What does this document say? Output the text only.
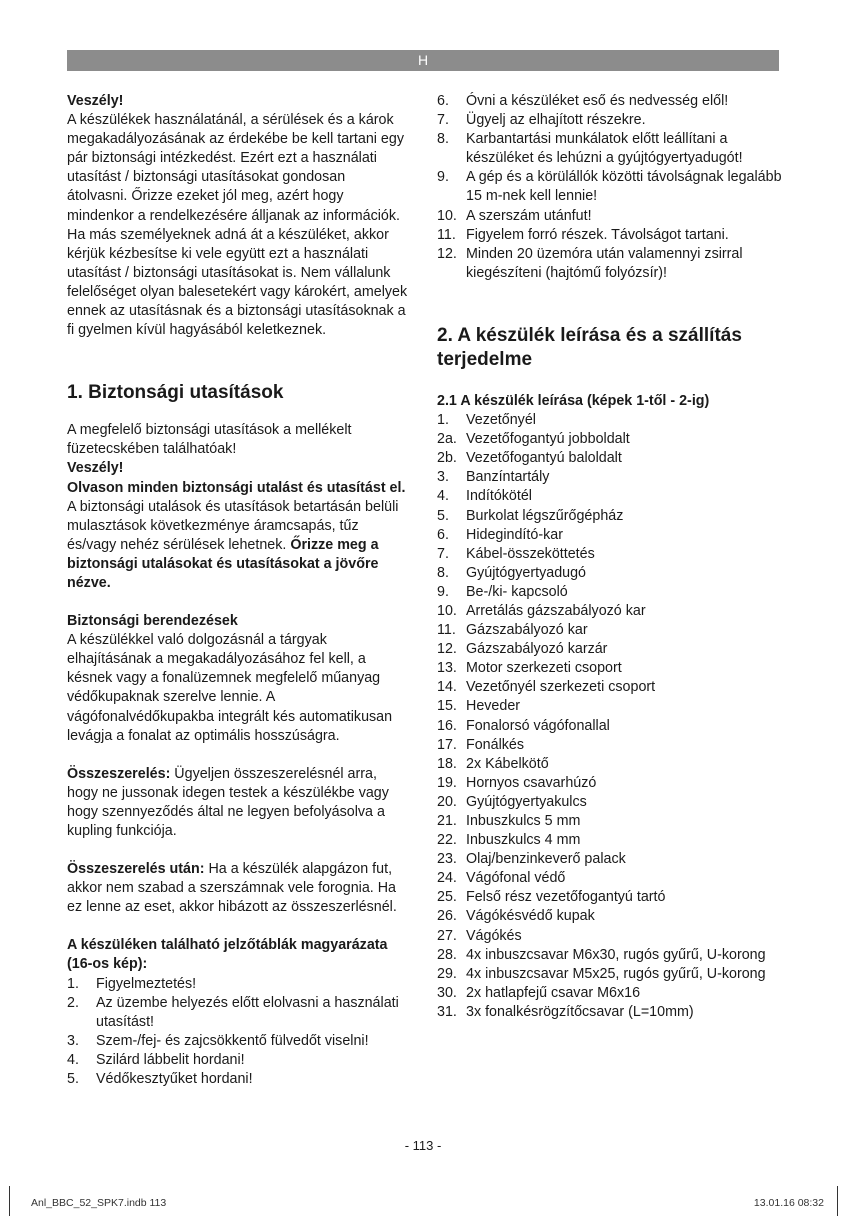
H

Veszély!

A készülékek használatánál, a sérülések és a károk megakadályozásának az érdekébe be kell tartani egy pár biztonsági intézkedést. Ezért ezt a használati utasítást / biztonsági utasításokat gondosan átolvasni. Őrizze ezeket jól meg, azért hogy mindenkor a rendelkezésére álljanak az információk. Ha más személyeknek adná át a készüléket, akkor kérjük kézbesítse ki vele együtt ezt a használati utasítást / biztonsági utasításokat is. Nem vállalunk felelőséget olyan balesetekért vagy károkért, amelyek ennek az utasításnak és a biztonsági utasításoknak a fi gyelmen kívül hagyásából keletkeznek.

1. Biztonsági utasítások

A megfelelő biztonsági utasítások a mellékelt füzetecskében találhatóak!

Veszély!

Olvason minden biztonsági utalást és utasítást el. A biztonsági utalások és utasítások betartásán belüli mulasztások következménye áramcsapás, tűz és/vagy nehéz sérülések lehetnek. Őrizze meg a biztonsági utalásokat és utasításokat a jövőre nézve.

Biztonsági berendezések

A készülékkel való dolgozásnál a tárgyak elhajításának a megakadályozásához fel kell, a késnek vagy a fonalüzemnek megfelelő műanyag védőkupaknak szerelve lennie. A vágófonalvédőkupakba integrált kés automatikusan levágja a fonalat az optimális hosszúságra.

Összeszerelés: Ügyeljen összeszerelésnél arra, hogy ne jussonak idegen testek a készülékbe vagy hogy szennyeződés által ne legyen befolyásolva a kupling funkciója.

Összeszerelés után: Ha a készülék alapgázon fut, akkor nem szabad a szerszámnak vele forognia. Ha ez lenne az eset, akkor hibázott az összeszerlésnél.

A készüléken található jelzőtáblák magyarázata (16-os kép):

1. Figyelmeztetés!
2. Az üzembe helyezés előtt elolvasni a használati utasítást!
3. Szem-/fej- és zajcsökkentő fülvedőt viselni!
4. Szilárd lábbelit hordani!
5. Védőkesztyűket hordani!
6. Óvni a készüléket eső és nedvesség elől!
7. Ügyelj az elhajított részekre.
8. Karbantartási munkálatok előtt leállítani a készüléket és lehúzni a gyújtógyertyadugót!
9. A gép és a körülállók közötti távolságnak legalább 15 m-nek kell lennie!
10. A szerszám utánfut!
11. Figyelem forró részek. Távolságot tartani.
12. Minden 20 üzemóra után valamennyi zsirral kiegészíteni (hajtómű folyózsír)!

2. A készülék leírása és a szállítás terjedelme

2.1 A készülék leírása (képek 1-től - 2-ig)

1. Vezetőnyél
2a. Vezetőfogantyú jobboldalt
2b. Vezetőfogantyú baloldalt
3. Banzíntartály
4. Indítókötél
5. Burkolat légszűrőgépház
6. Hidegindító-kar
7. Kábel-összeköttetés
8. Gyújtógyertyadugó
9. Be-/ki- kapcsoló
10. Arretálás gázszabályozó kar
11. Gázszabályozó kar
12. Gázszabályozó karzár
13. Motor szerkezeti csoport
14. Vezetőnyél szerkezeti csoport
15. Heveder
16. Fonalorsó vágófonallal
17. Fonálkés
18. 2x Kábelkötő
19. Hornyos csavarhúzó
20. Gyújtógyertyakulcs
21. Inbuszkulcs 5 mm
22. Inbuszkulcs 4 mm
23. Olaj/benzinkeverő palack
24. Vágófonal védő
25. Felső rész vezetőfogantyú tartó
26. Vágókésvédő kupak
27. Vágókés
28. 4x inbuszcsavar M6x30, rugós gyűrű, U-korong
29. 4x inbuszcsavar M5x25, rugós gyűrű, U-korong
30. 2x hatlapfejű csavar M6x16
31. 3x fonalkésrögzítőcsavar (L=10mm)
- 113 -
Anl_BBC_52_SPK7.indb 113	13.01.16 08:32
